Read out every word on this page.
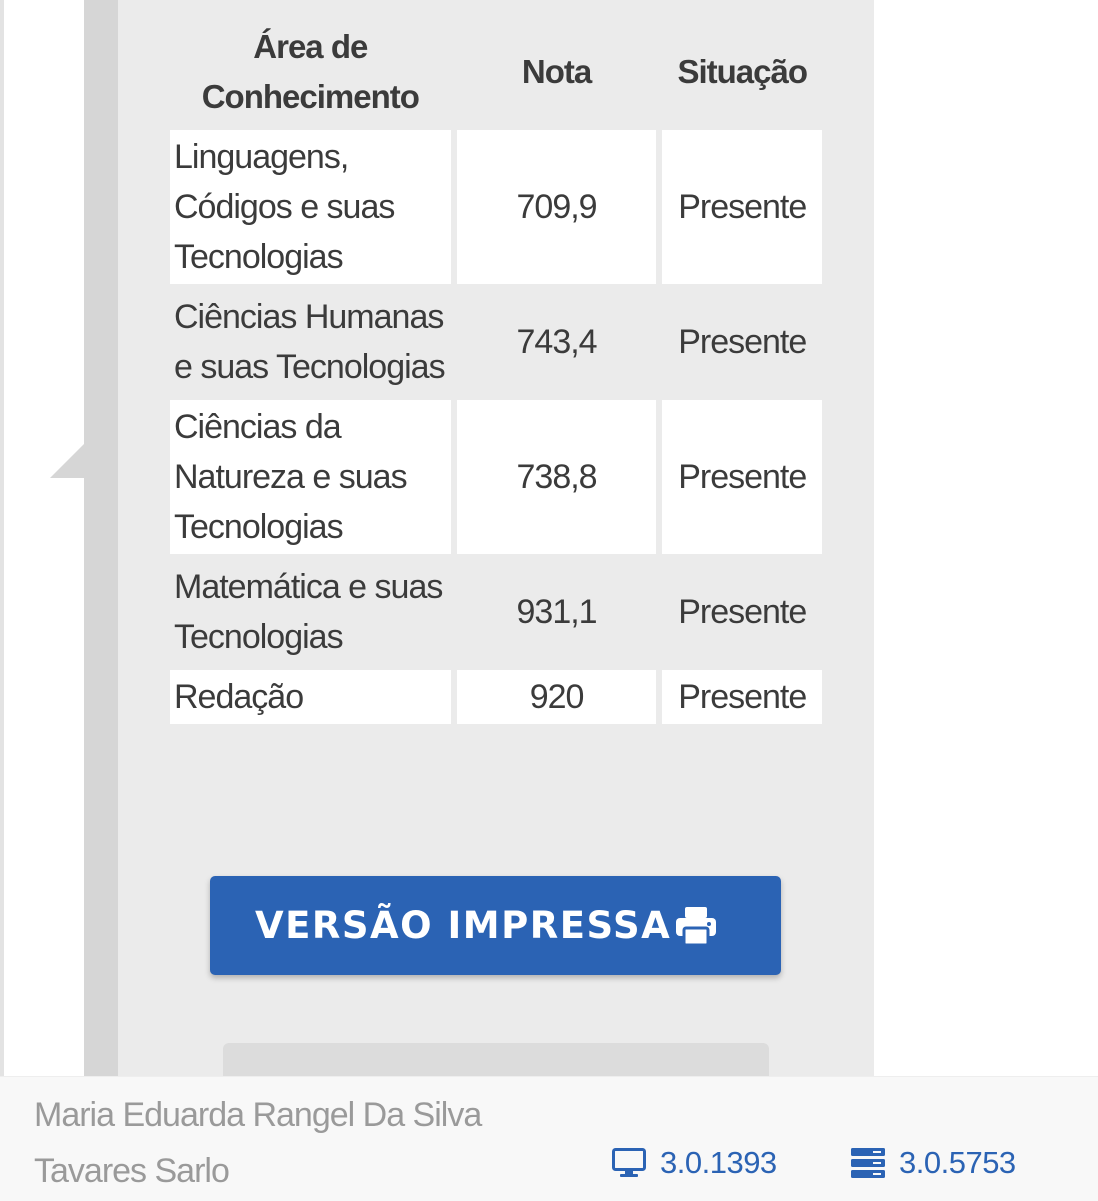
Área de Conhecimento	Nota	Situação
Linguagens, Códigos e suas Tecnologias	709,9	Presente
Ciências Humanas e suas Tecnologias	743,4	Presente
Ciências da Natureza e suas Tecnologias	738,8	Presente
Matemática e suas Tecnologias	931,1	Presente
Redação	920	Presente
VERSÃO IMPRESSA
Maria Eduarda Rangel Da Silva Tavares Sarlo	3.0.1393	3.0.5753
